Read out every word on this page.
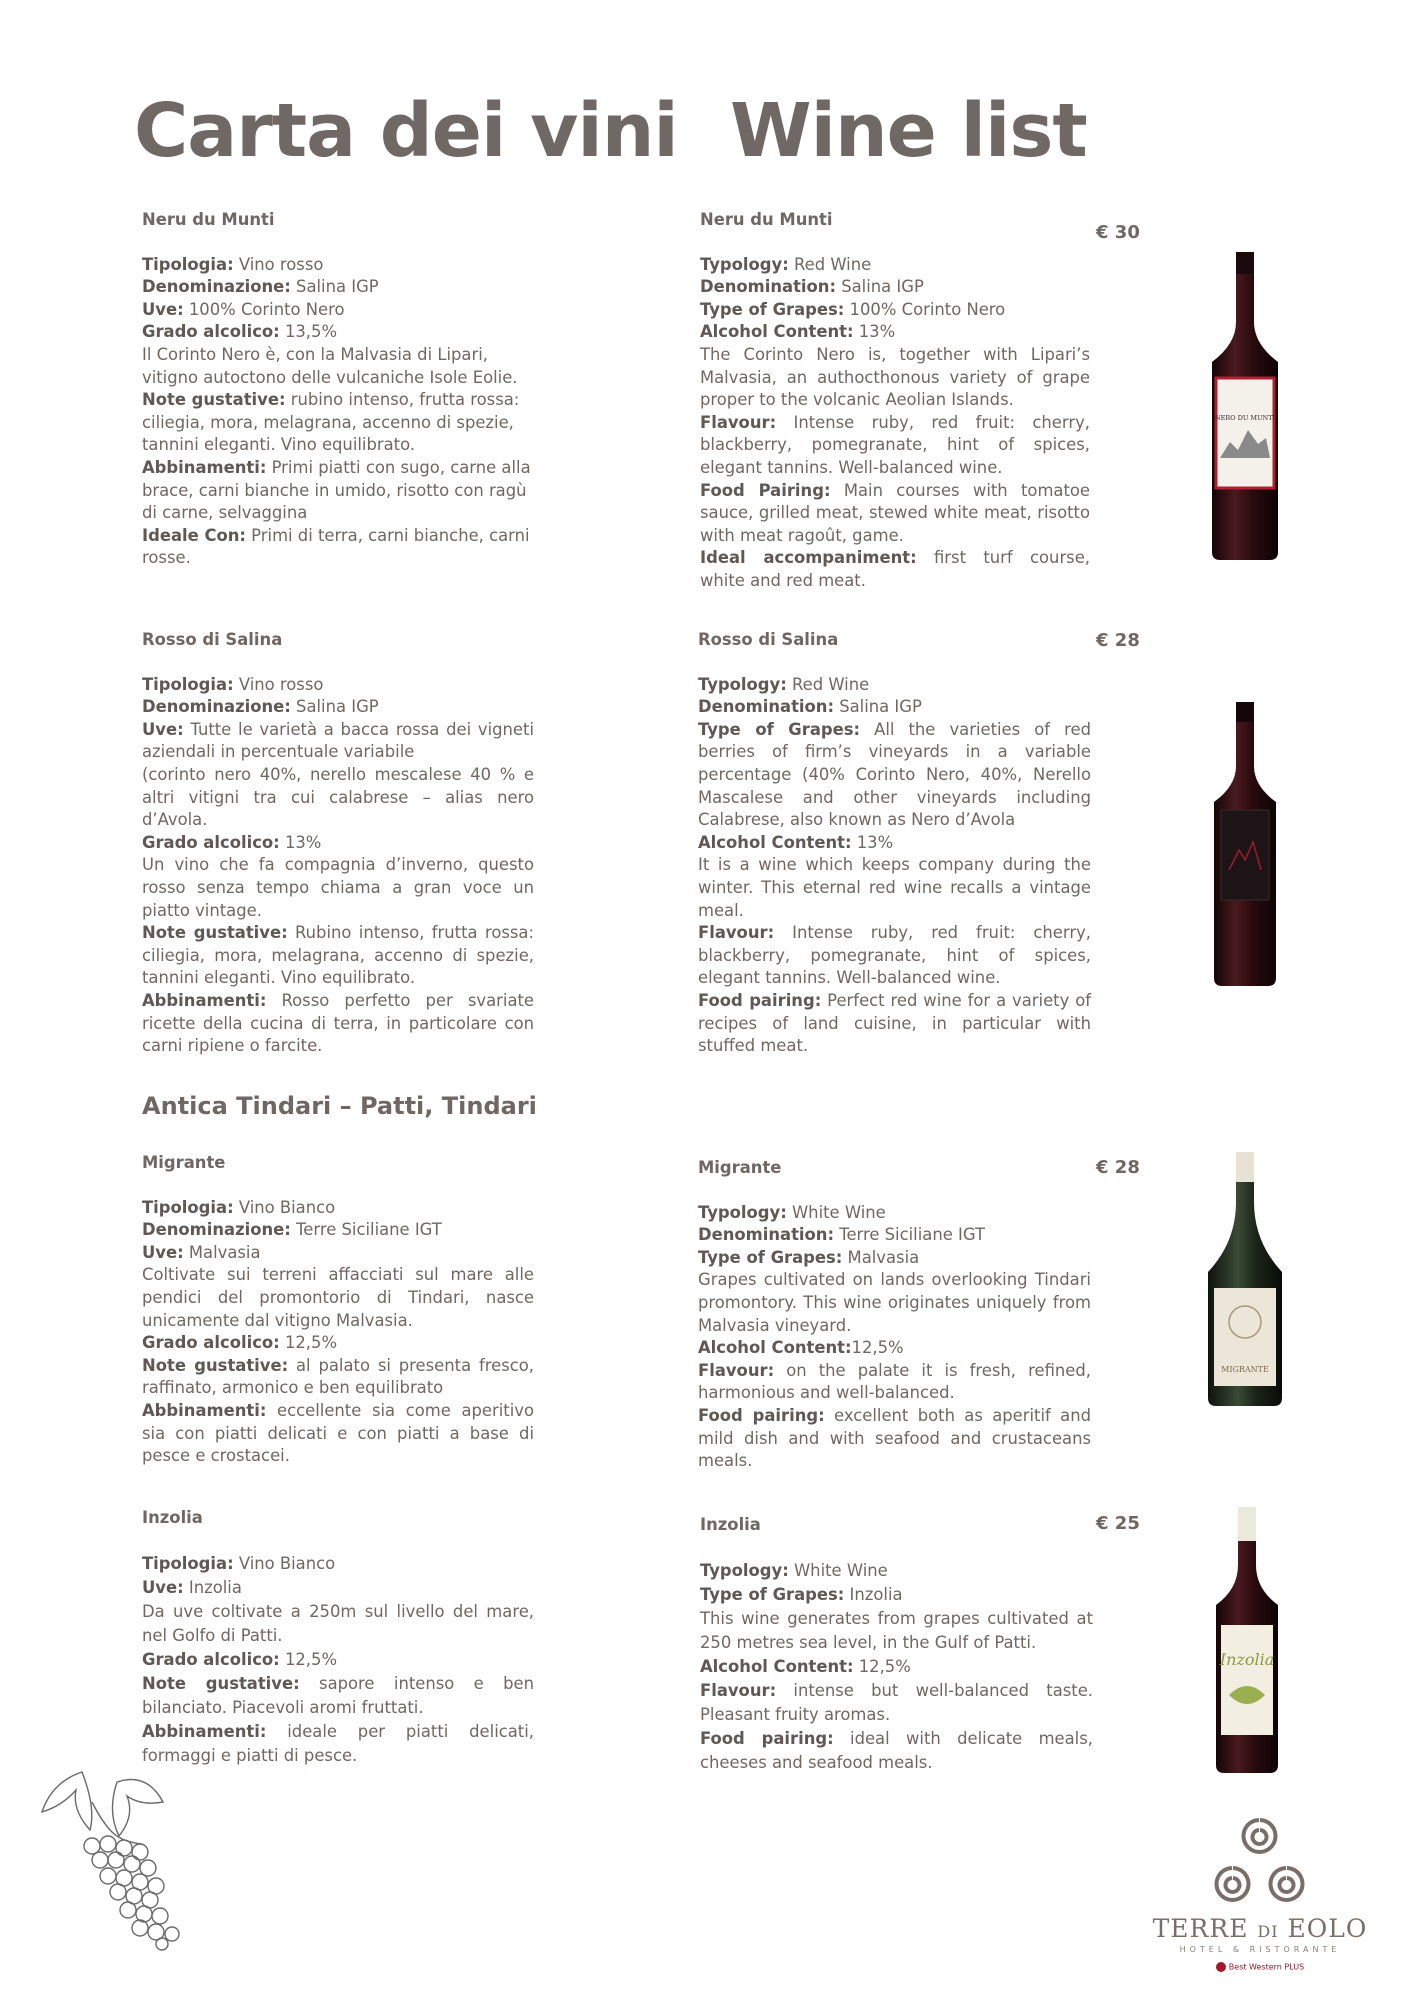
Carta dei vini Wine list
Neru du Munti
Tipologia: Vino rosso
Denominazione: Salina IGP
Uve: 100% Corinto Nero
Grado alcolico: 13,5%
Il Corinto Nero è, con la Malvasia di Lipari, vitigno autoctono delle vulcaniche Isole Eolie.
Note gustative: rubino intenso, frutta rossa: ciliegia, mora, melagrana, accenno di spezie, tannini eleganti. Vino equilibrato.
Abbinamenti: Primi piatti con sugo, carne alla brace, carni bianche in umido, risotto con ragù di carne, selvaggina
Ideale Con: Primi di terra, carni bianche, carni rosse.
Neru du Munti
Typology: Red Wine
Denomination: Salina IGP
Type of Grapes: 100% Corinto Nero
Alcohol Content: 13%
The Corinto Nero is, together with Lipari’s Malvasia, an authocthonous variety of grape proper to the volcanic Aeolian Islands.
Flavour: Intense ruby, red fruit: cherry, blackberry, pomegranate, hint of spices, elegant tannins. Well-balanced wine.
Food Pairing: Main courses with tomatoe sauce, grilled meat, stewed white meat, risotto with meat ragoût, game.
Ideal accompaniment: first turf course, white and red meat.
€ 30
Rosso di Salina
Tipologia: Vino rosso
Denominazione: Salina IGP
Uve: Tutte le varietà a bacca rossa dei vigneti aziendali in percentuale variabile
(corinto nero 40%, nerello mescalese 40 % e altri vitigni tra cui calabrese – alias nero d’Avola.
Grado alcolico: 13%
Un vino che fa compagnia d’inverno, questo rosso senza tempo chiama a gran voce un piatto vintage.
Note gustative: Rubino intenso, frutta rossa: ciliegia, mora, melagrana, accenno di spezie, tannini eleganti. Vino equilibrato.
Abbinamenti: Rosso perfetto per svariate ricette della cucina di terra, in particolare con carni ripiene o farcite.
Rosso di Salina
Typology: Red Wine
Denomination: Salina IGP
Type of Grapes: All the varieties of red berries of firm’s vineyards in a variable percentage (40% Corinto Nero, 40%, Nerello Mascalese and other vineyards including Calabrese, also known as Nero d’Avola
Alcohol Content: 13%
It is a wine which keeps company during the winter. This eternal red wine recalls a vintage meal.
Flavour: Intense ruby, red fruit: cherry, blackberry, pomegranate, hint of spices, elegant tannins. Well-balanced wine.
Food pairing: Perfect red wine for a variety of recipes of land cuisine, in particular with stuffed meat.
€ 28
Antica Tindari – Patti, Tindari
Migrante
Tipologia: Vino Bianco
Denominazione: Terre Siciliane IGT
Uve: Malvasia
Coltivate sui terreni affacciati sul mare alle pendici del promontorio di Tindari, nasce unicamente dal vitigno Malvasia.
Grado alcolico: 12,5%
Note gustative: al palato si presenta fresco, raffinato, armonico e ben equilibrato
Abbinamenti: eccellente sia come aperitivo sia con piatti delicati e con piatti a base di pesce e crostacei.
Migrante
Typology: White Wine
Denomination: Terre Siciliane IGT
Type of Grapes: Malvasia
Grapes cultivated on lands overlooking Tindari promontory. This wine originates uniquely from Malvasia vineyard.
Alcohol Content:12,5%
Flavour: on the palate it is fresh, refined, harmonious and well-balanced.
Food pairing: excellent both as aperitif and mild dish and with seafood and crustaceans meals.
€ 28
Inzolia
Tipologia: Vino Bianco
Uve: Inzolia
Da uve coltivate a 250m sul livello del mare, nel Golfo di Patti.
Grado alcolico: 12,5%
Note gustative: sapore intenso e ben bilanciato. Piacevoli aromi fruttati.
Abbinamenti: ideale per piatti delicati, formaggi e piatti di pesce.
Inzolia
Typology: White Wine
Type of Grapes: Inzolia
This wine generates from grapes cultivated at 250 metres sea level, in the Gulf of Patti.
Alcohol Content: 12,5%
Flavour: intense but well-balanced taste. Pleasant fruity aromas.
Food pairing: ideal with delicate meals, cheeses and seafood meals.
€ 25
NERO DU MUNTI
MIGRANTE
Inzolia
TERRE DI EOLO
HOTEL & RISTORANTE
Best Western PLUS
